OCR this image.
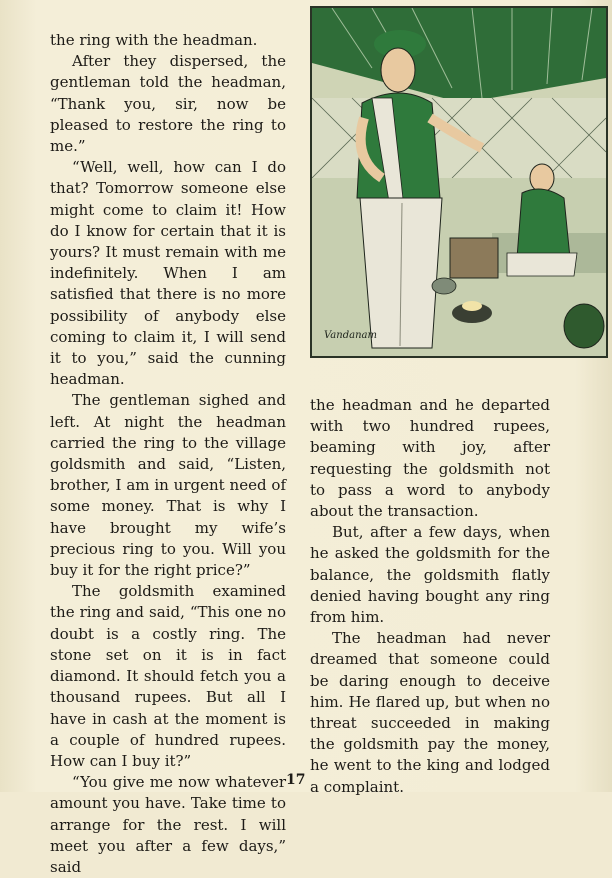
the ring with the headman.

After they dispersed, the gentleman told the headman, “Thank you, sir, now be pleased to restore the ring to me.”

“Well, well, how can I do that? Tomorrow someone else might come to claim it! How do I know for certain that it is yours? It must remain with me indefinitely. When I am satisfied that there is no more possibility of anybody else coming to claim it, I will send it to you,” said the cunning headman.

The gentleman sighed and left. At night the headman carried the ring to the village goldsmith and said, “Listen, brother, I am in urgent need of some money. That is why I have brought my wife’s precious ring to you. Will you buy it for the right price?”

The goldsmith examined the ring and said, “This one no doubt is a costly ring. The stone set on it is in fact diamond. It should fetch you a thousand rupees. But all I have in cash at the moment is a couple of hundred rupees. How can I buy it?”

“You give me now whatever amount you have. Take time to arrange for the rest. I will meet you after a few days,” said

Vandanam

the headman and he departed with two hundred rupees, beaming with joy, after requesting the goldsmith not to pass a word to anybody about the transaction.

But, after a few days, when he asked the goldsmith for the balance, the goldsmith flatly denied having bought any ring from him.

The headman had never dreamed that someone could be daring enough to deceive him. He flared up, but when no threat succeeded in making the goldsmith pay the money, he went to the king and lodged a complaint.

17
